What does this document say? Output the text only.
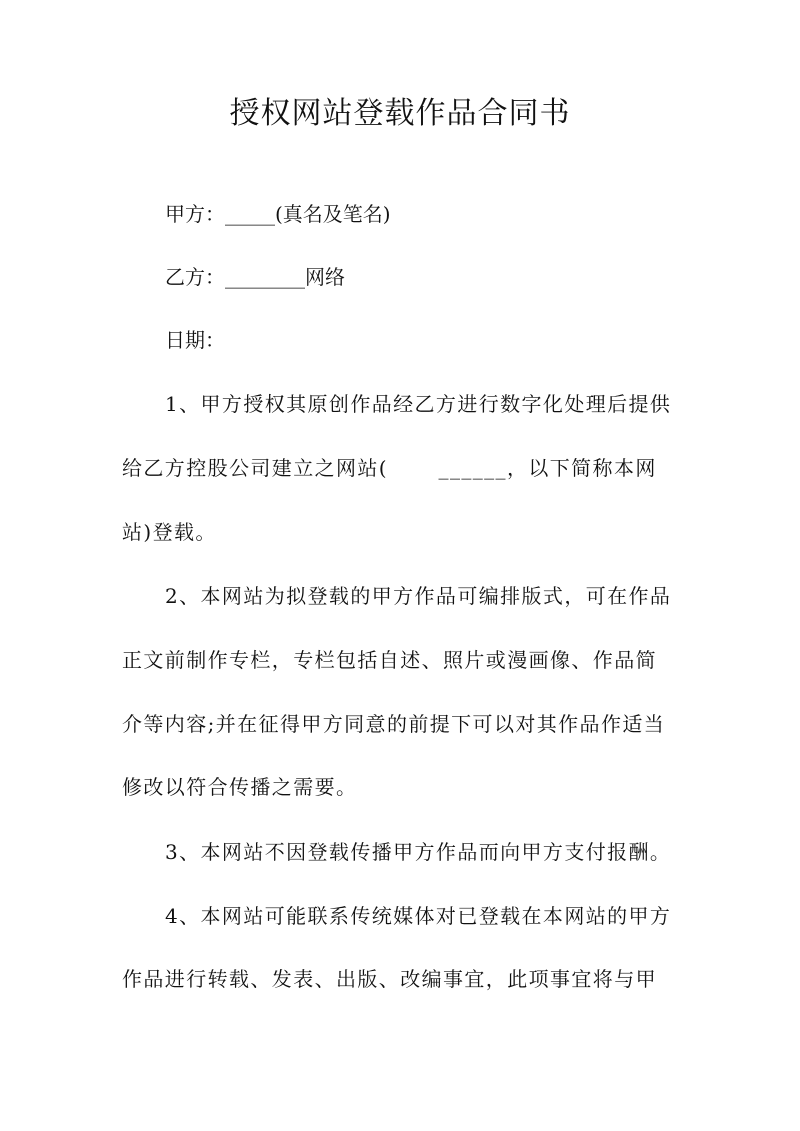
授权网站登载作品合同书
甲方：_____(真名及笔名)
乙方：________网络
日期：
1、甲方授权其原创作品经乙方进行数字化处理后提供
给乙方控股公司建立之网站(　　 ______，以下简称本网
站)登载。
2、本网站为拟登载的甲方作品可编排版式，可在作品
正文前制作专栏，专栏包括自述、照片或漫画像、作品简
介等内容;并在征得甲方同意的前提下可以对其作品作适当
修改以符合传播之需要。
3、本网站不因登载传播甲方作品而向甲方支付报酬。
4、本网站可能联系传统媒体对已登载在本网站的甲方
作品进行转载、发表、出版、改编事宜，此项事宜将与甲
